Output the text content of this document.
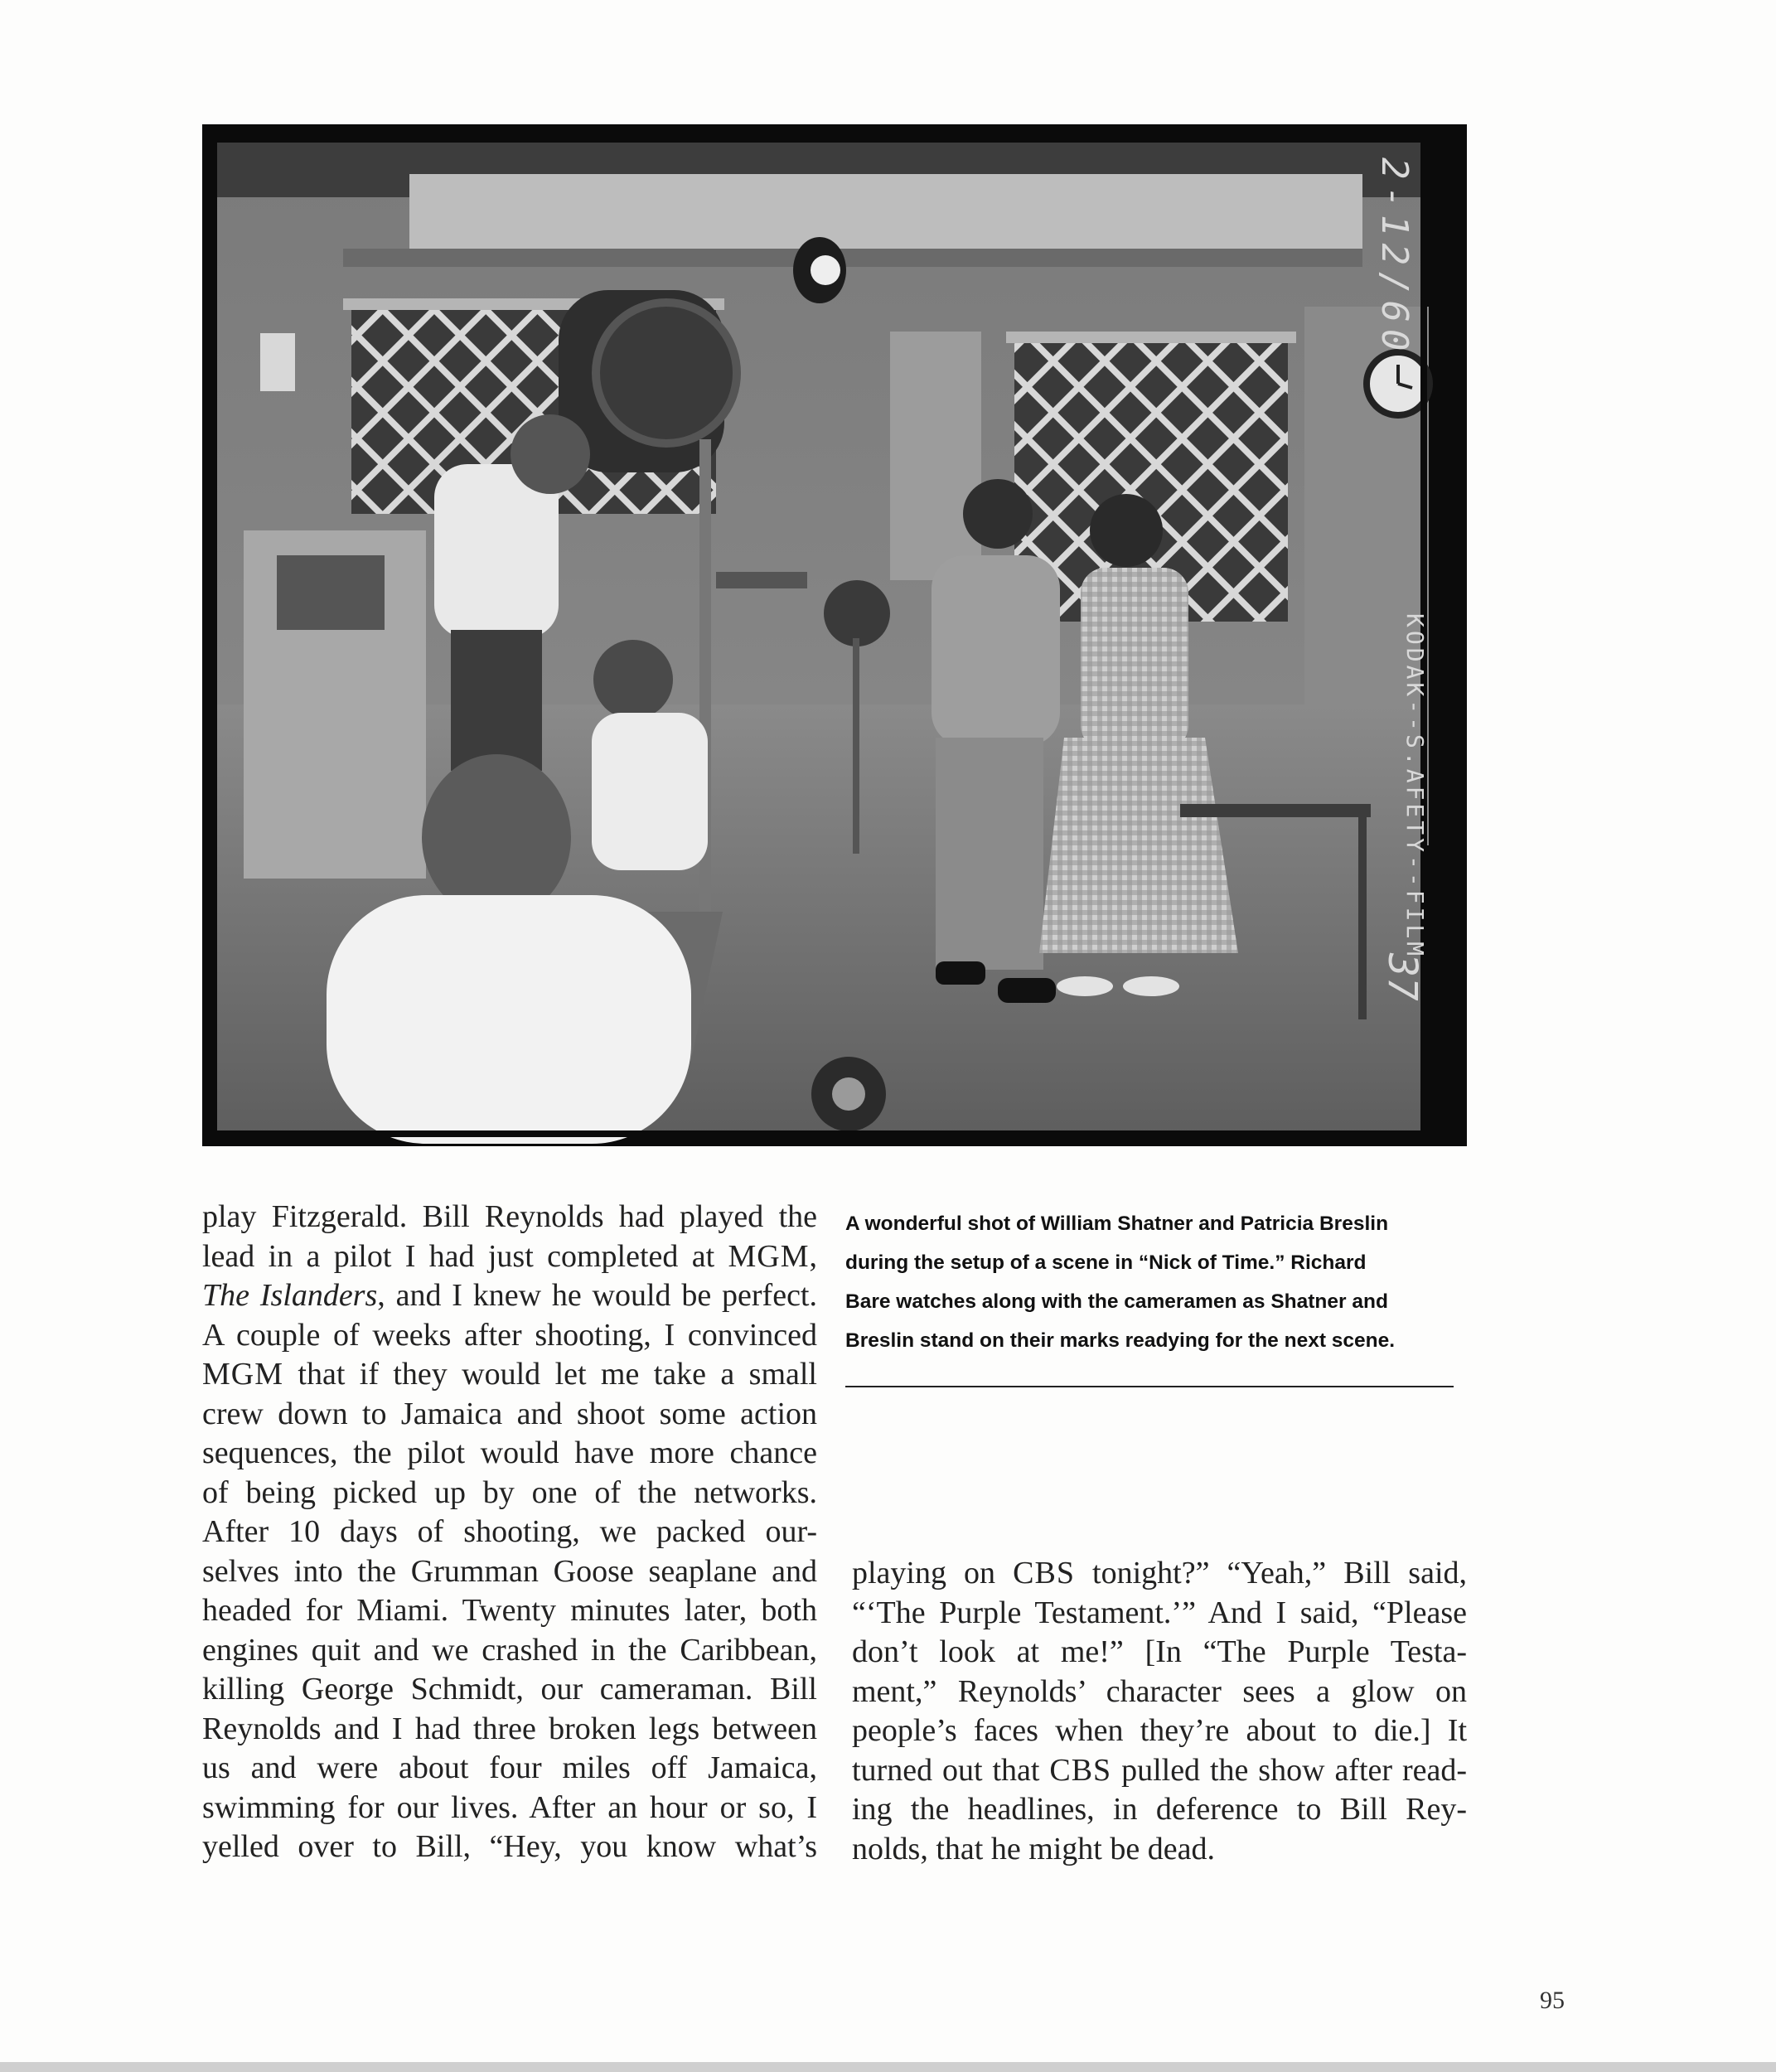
2-12/60
KODAK--S.AFETY--FILM
37
play Fitzgerald. Bill Reynolds had played the
lead in a pilot I had just completed at MGM,
The Islanders, and I knew he would be perfect.
A couple of weeks after shooting, I convinced
MGM that if they would let me take a small
crew down to Jamaica and shoot some action
sequences, the pilot would have more chance
of being picked up by one of the networks.
After 10 days of shooting, we packed our-
selves into the Grumman Goose seaplane and
headed for Miami. Twenty minutes later, both
engines quit and we crashed in the Caribbean,
killing George Schmidt, our cameraman. Bill
Reynolds and I had three broken legs between
us and were about four miles off Jamaica,
swimming for our lives. After an hour or so, I
yelled over to Bill, “Hey, you know what’s
A wonderful shot of William Shatner and Patricia Breslin
during the setup of a scene in “Nick of Time.” Richard
Bare watches along with the cameramen as Shatner and
Breslin stand on their marks readying for the next scene.
playing on CBS tonight?” “Yeah,” Bill said,
“‘The Purple Testament.’” And I said, “Please
don’t look at me!” [In “The Purple Testa-
ment,” Reynolds’ character sees a glow on
people’s faces when they’re about to die.] It
turned out that CBS pulled the show after read-
ing the headlines, in deference to Bill Rey-
nolds, that he might be dead.
95
